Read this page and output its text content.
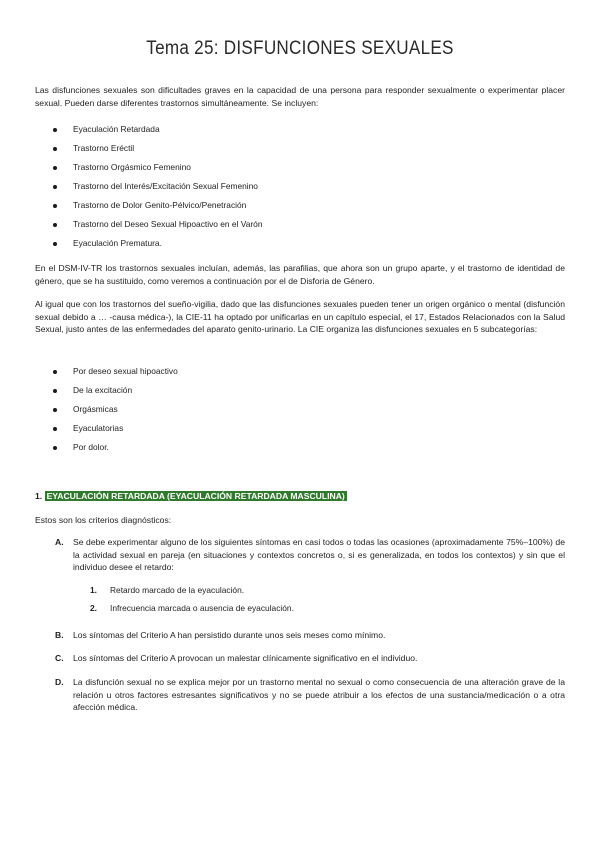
Tema 25: DISFUNCIONES SEXUALES

Las disfunciones sexuales son dificultades graves en la capacidad de una persona para responder sexualmente o experimentar placer sexual. Pueden darse diferentes trastornos simultáneamente. Se incluyen:

Eyaculación Retardada
Trastorno Eréctil
Trastorno Orgásmico Femenino
Trastorno del Interés/Excitación Sexual Femenino
Trastorno de Dolor Genito-Pélvico/Penetración
Trastorno del Deseo Sexual Hipoactivo en el Varón
Eyaculación Prematura.

En el DSM-IV-TR los trastornos sexuales incluían, además, las parafilias, que ahora son un grupo aparte, y el trastorno de identidad de género, que se ha sustituido, como veremos a continuación por el de Disforia de Género.

Al igual que con los trastornos del sueño-vigilia, dado que las disfunciones sexuales pueden tener un origen orgánico o mental (disfunción sexual debido a … -causa médica-), la CIE-11 ha optado por unificarlas en un capítulo especial, el 17, Estados Relacionados con la Salud Sexual, justo antes de las enfermedades del aparato genito-urinario. La CIE organiza las disfunciones sexuales en 5 subcategorías:

Por deseo sexual hipoactivo
De la excitación
Orgásmicas
Eyaculatorias
Por dolor.
1. EYACULACIÓN RETARDADA (EYACULACIÓN RETARDADA MASCULINA)

Estos son los criterios diagnósticos:

A. Se debe experimentar alguno de los siguientes síntomas en casi todos o todas las ocasiones (aproximadamente 75%–100%) de la actividad sexual en pareja (en situaciones y contextos concretos o, si es generalizada, en todos los contextos) y sin que el individuo desee el retardo:
1. Retardo marcado de la eyaculación.
2. Infrecuencia marcada o ausencia de eyaculación.
B. Los síntomas del Criterio A han persistido durante unos seis meses como mínimo.
C. Los síntomas del Criterio A provocan un malestar clínicamente significativo en el individuo.
D. La disfunción sexual no se explica mejor por un trastorno mental no sexual o como consecuencia de una alteración grave de la relación u otros factores estresantes significativos y no se puede atribuir a los efectos de una sustancia/medicación o a otra afección médica.
